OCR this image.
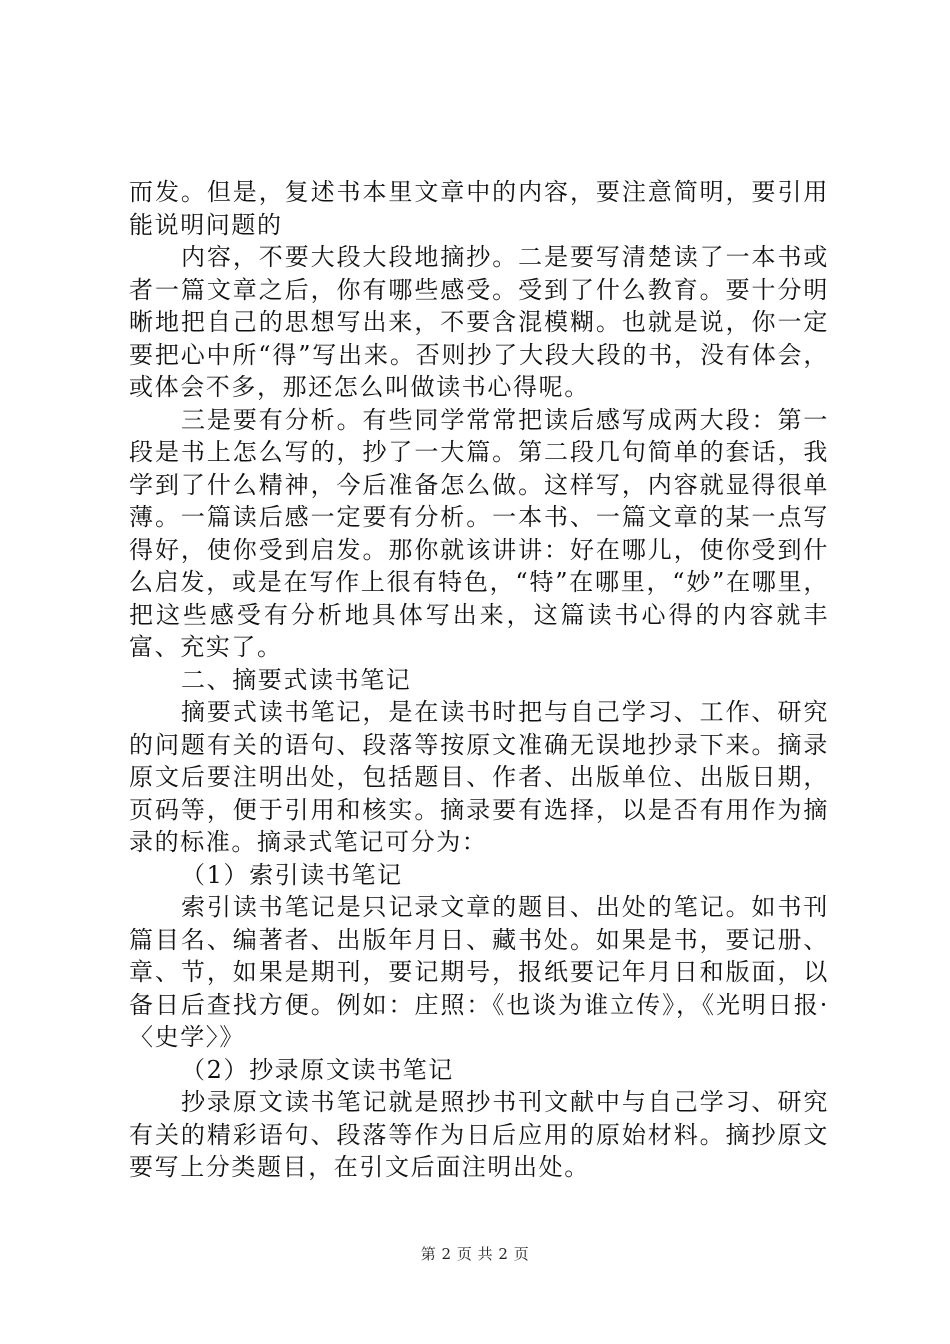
而发。但是，复述书本里文章中的内容，要注意简明，要引用能说明问题的

内容，不要大段大段地摘抄。二是要写清楚读了一本书或者一篇文章之后，你有哪些感受。受到了什么教育。要十分明晰地把自己的思想写出来，不要含混模糊。也就是说，你一定要把心中所“得”写出来。否则抄了大段大段的书，没有体会，或体会不多，那还怎么叫做读书心得呢。

三是要有分析。有些同学常常把读后感写成两大段：第一段是书上怎么写的，抄了一大篇。第二段几句简单的套话，我学到了什么精神，今后准备怎么做。这样写，内容就显得很单薄。一篇读后感一定要有分析。一本书、一篇文章的某一点写得好，使你受到启发。那你就该讲讲：好在哪儿，使你受到什么启发，或是在写作上很有特色，“特”在哪里，“妙”在哪里，把这些感受有分析地具体写出来，这篇读书心得的内容就丰富、充实了。

二、摘要式读书笔记

摘要式读书笔记，是在读书时把与自己学习、工作、研究的问题有关的语句、段落等按原文准确无误地抄录下来。摘录原文后要注明出处，包括题目、作者、出版单位、出版日期，页码等，便于引用和核实。摘录要有选择，以是否有用作为摘录的标准。摘录式笔记可分为：

（1）索引读书笔记

索引读书笔记是只记录文章的题目、出处的笔记。如书刊篇目名、编著者、出版年月日、藏书处。如果是书，要记册、章、节，如果是期刊，要记期号，报纸要记年月日和版面，以备日后查找方便。例如：庄照：《也谈为谁立传》，《光明日报·〈史学〉》

（2）抄录原文读书笔记

抄录原文读书笔记就是照抄书刊文献中与自己学习、研究有关的精彩语句、段落等作为日后应用的原始材料。摘抄原文要写上分类题目，在引文后面注明出处。

第 2 页 共 2 页
